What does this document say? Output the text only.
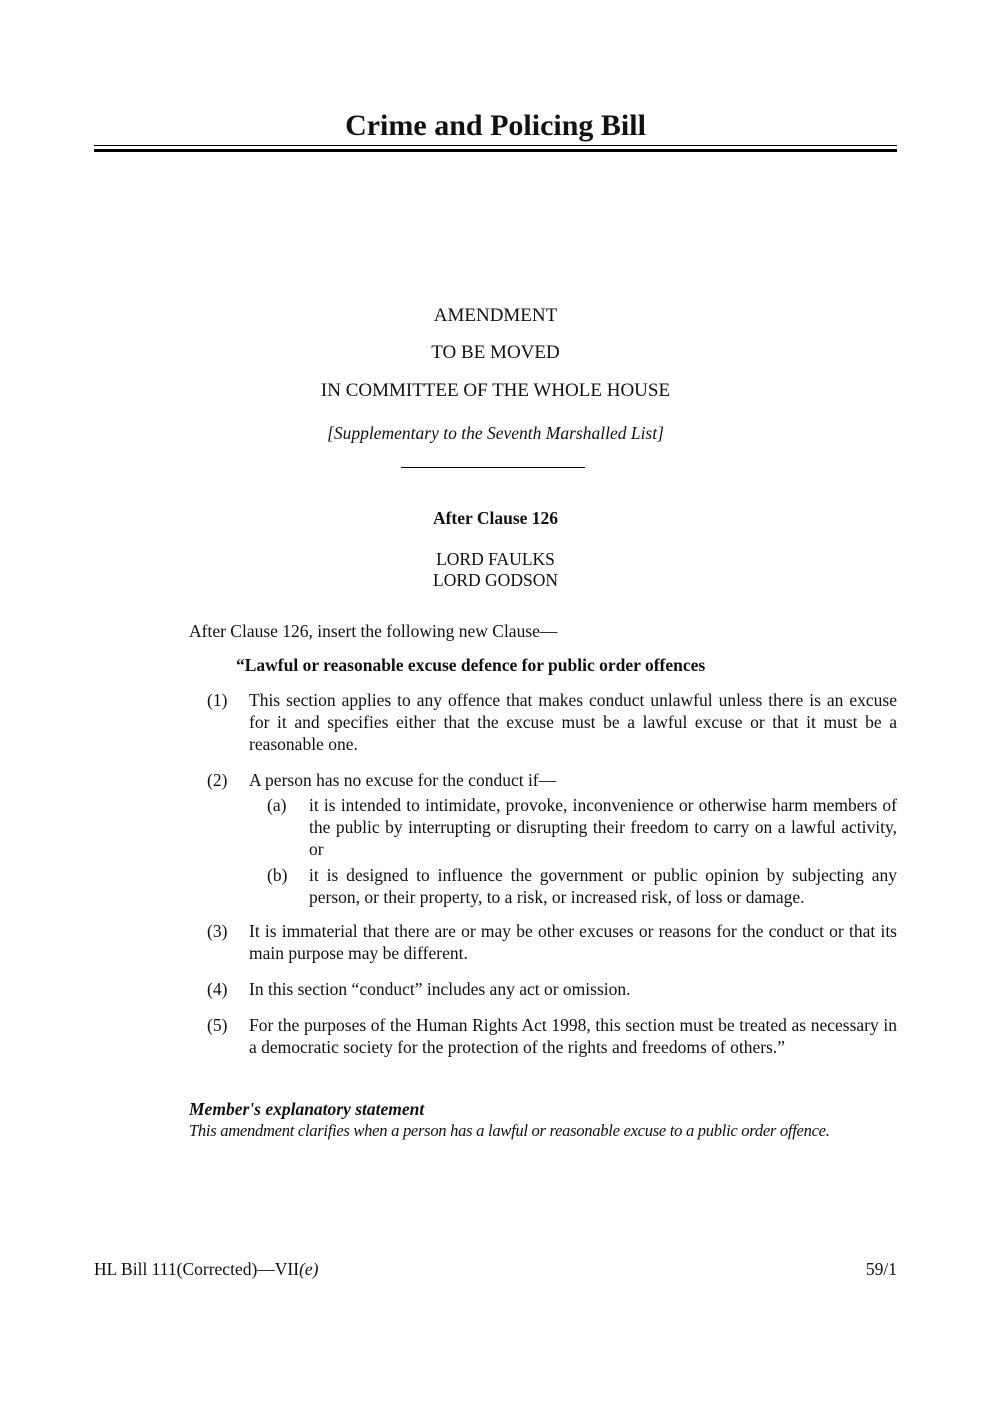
Crime and Policing Bill
AMENDMENT
TO BE MOVED
IN COMMITTEE OF THE WHOLE HOUSE
[Supplementary to the Seventh Marshalled List]
After Clause 126
LORD FAULKS
LORD GODSON
After Clause 126, insert the following new Clause—
“Lawful or reasonable excuse defence for public order offences
(1) This section applies to any offence that makes conduct unlawful unless there is an excuse for it and specifies either that the excuse must be a lawful excuse or that it must be a reasonable one.
(2) A person has no excuse for the conduct if—
(a) it is intended to intimidate, provoke, inconvenience or otherwise harm members of the public by interrupting or disrupting their freedom to carry on a lawful activity, or
(b) it is designed to influence the government or public opinion by subjecting any person, or their property, to a risk, or increased risk, of loss or damage.
(3) It is immaterial that there are or may be other excuses or reasons for the conduct or that its main purpose may be different.
(4) In this section “conduct” includes any act or omission.
(5) For the purposes of the Human Rights Act 1998, this section must be treated as necessary in a democratic society for the protection of the rights and freedoms of others.”
Member's explanatory statement
This amendment clarifies when a person has a lawful or reasonable excuse to a public order offence.
HL Bill 111(Corrected)—VII(e)	59/1
